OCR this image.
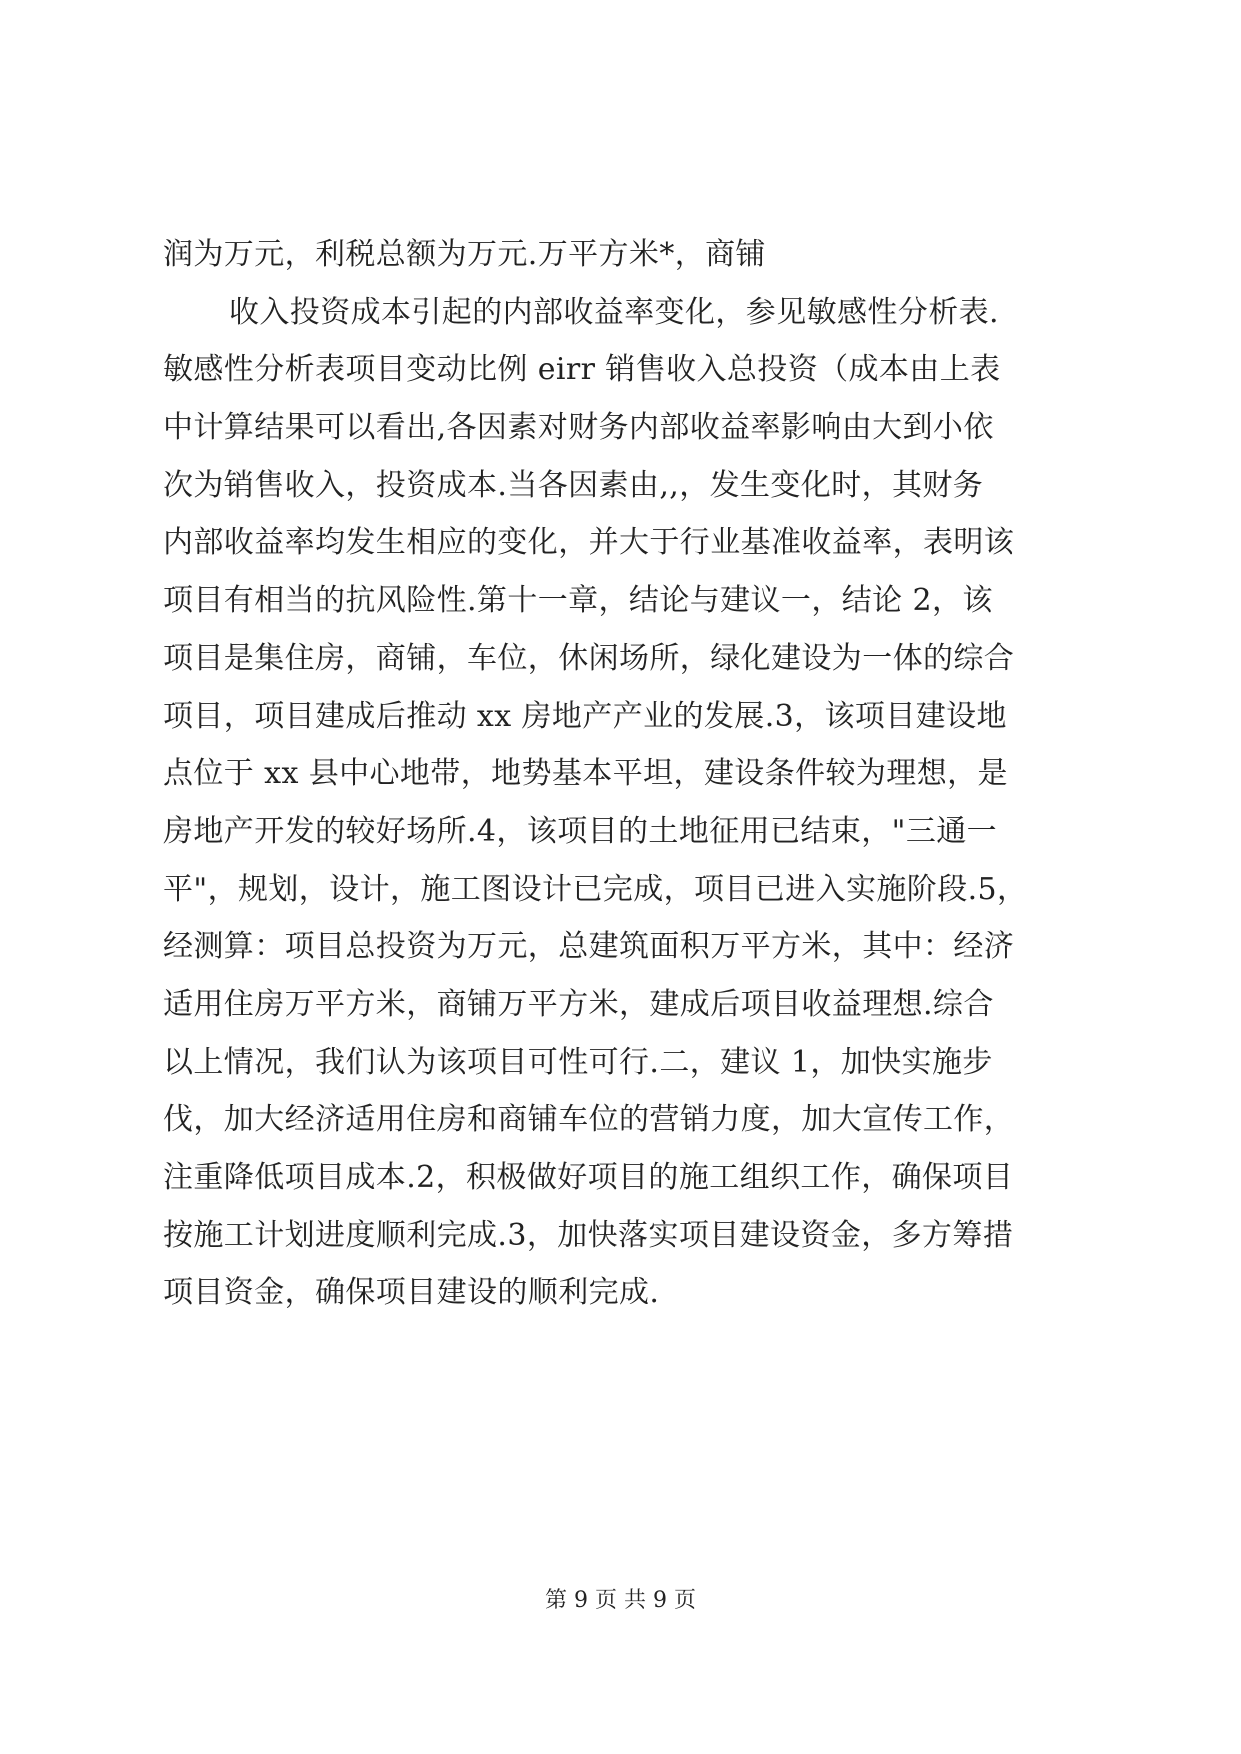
润为万元，利税总额为万元.万平方米*，商铺
收入投资成本引起的内部收益率变化，参见敏感性分析表.
敏感性分析表项目变动比例 eirr 销售收入总投资（成本由上表
中计算结果可以看出,各因素对财务内部收益率影响由大到小依
次为销售收入，投资成本.当各因素由,,，发生变化时，其财务
内部收益率均发生相应的变化，并大于行业基准收益率，表明该
项目有相当的抗风险性.第十一章，结论与建议一，结论 2，该
项目是集住房，商铺，车位，休闲场所，绿化建设为一体的综合
项目，项目建成后推动 xx 房地产产业的发展.3，该项目建设地
点位于 xx 县中心地带，地势基本平坦，建设条件较为理想，是
房地产开发的较好场所.4，该项目的土地征用已结束，"三通一
平"，规划，设计，施工图设计已完成，项目已进入实施阶段.5，
经测算：项目总投资为万元，总建筑面积万平方米，其中：经济
适用住房万平方米，商铺万平方米，建成后项目收益理想.综合
以上情况，我们认为该项目可性可行.二，建议 1，加快实施步
伐，加大经济适用住房和商铺车位的营销力度，加大宣传工作，
注重降低项目成本.2，积极做好项目的施工组织工作，确保项目
按施工计划进度顺利完成.3，加快落实项目建设资金，多方筹措
项目资金，确保项目建设的顺利完成.
第 9 页 共 9 页
